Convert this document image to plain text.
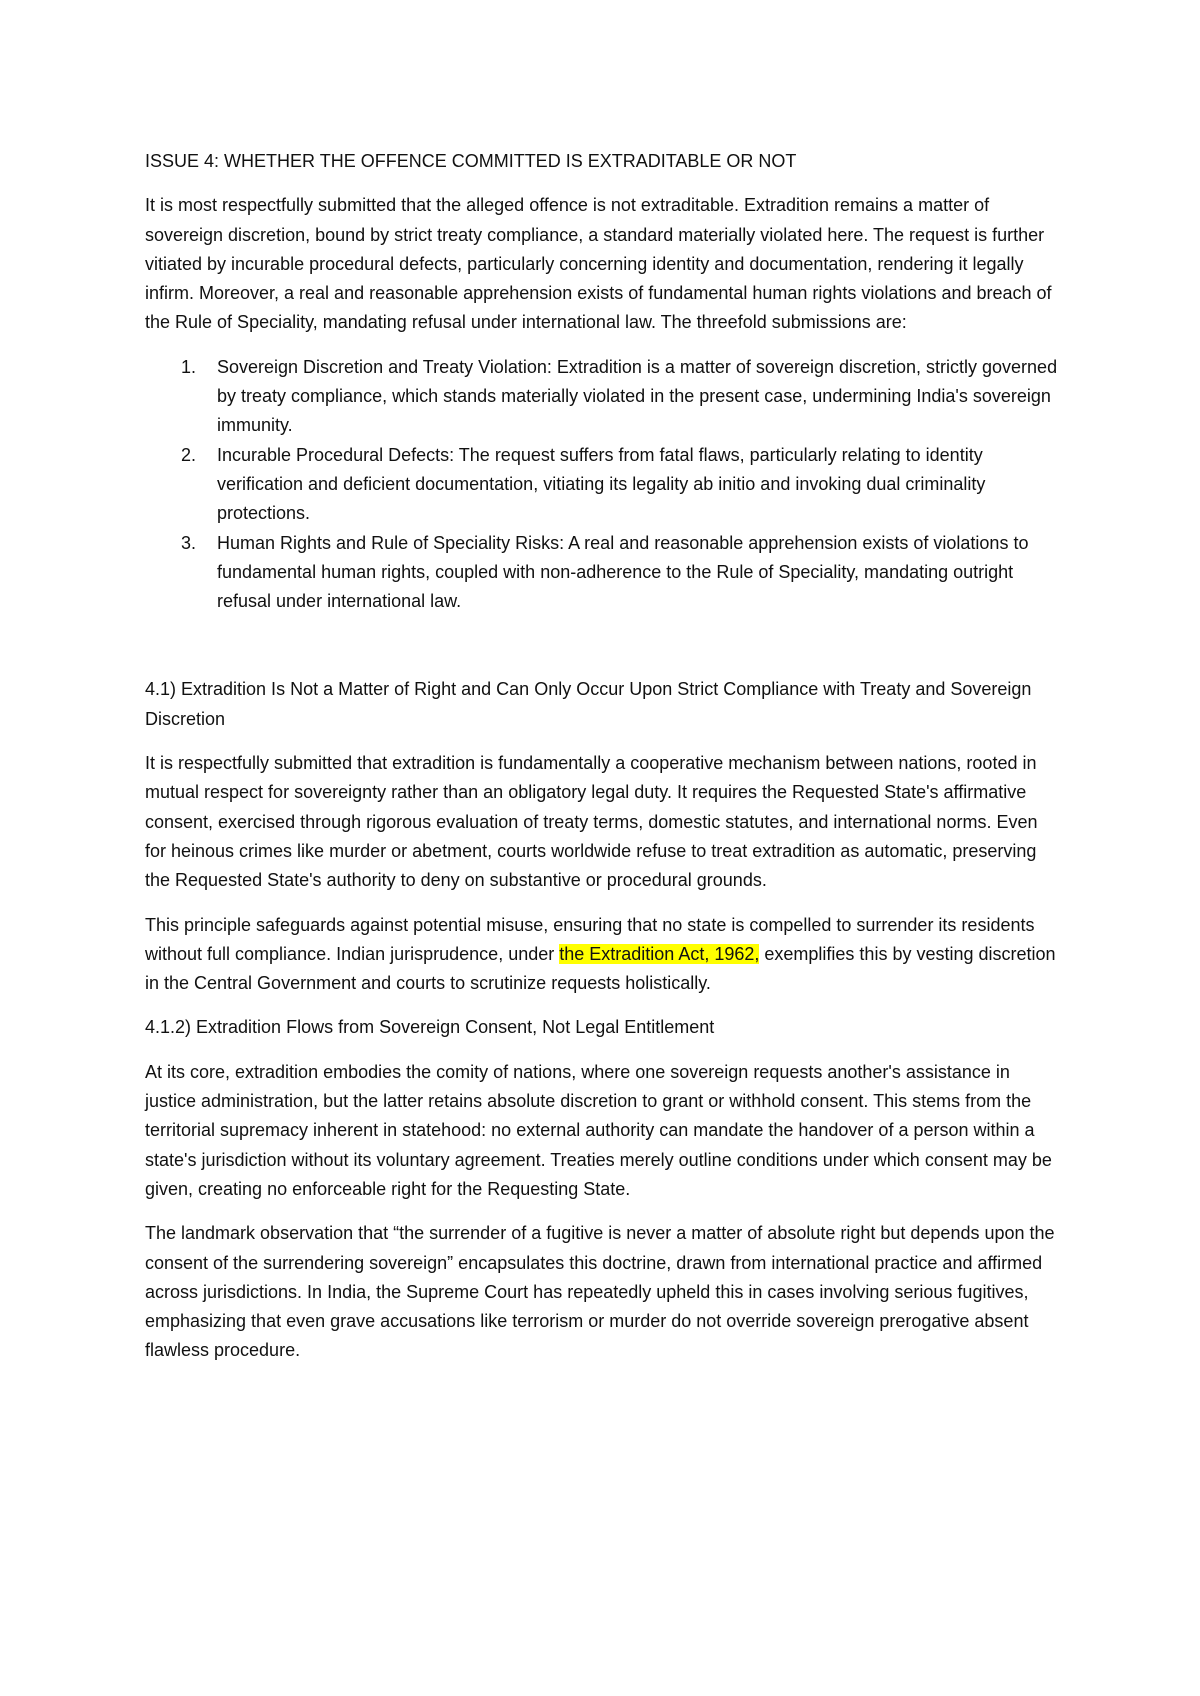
ISSUE 4: WHETHER THE OFFENCE COMMITTED IS EXTRADITABLE OR NOT

It is most respectfully submitted that the alleged offence is not extraditable. Extradition remains a matter of sovereign discretion, bound by strict treaty compliance, a standard materially violated here. The request is further vitiated by incurable procedural defects, particularly concerning identity and documentation, rendering it legally infirm. Moreover, a real and reasonable apprehension exists of fundamental human rights violations and breach of the Rule of Speciality, mandating refusal under international law. The threefold submissions are:

1. Sovereign Discretion and Treaty Violation: Extradition is a matter of sovereign discretion, strictly governed by treaty compliance, which stands materially violated in the present case, undermining India's sovereign immunity.
2. Incurable Procedural Defects: The request suffers from fatal flaws, particularly relating to identity verification and deficient documentation, vitiating its legality ab initio and invoking dual criminality protections.
3. Human Rights and Rule of Speciality Risks: A real and reasonable apprehension exists of violations to fundamental human rights, coupled with non-adherence to the Rule of Speciality, mandating outright refusal under international law.

4.1) Extradition Is Not a Matter of Right and Can Only Occur Upon Strict Compliance with Treaty and Sovereign Discretion

It is respectfully submitted that extradition is fundamentally a cooperative mechanism between nations, rooted in mutual respect for sovereignty rather than an obligatory legal duty. It requires the Requested State's affirmative consent, exercised through rigorous evaluation of treaty terms, domestic statutes, and international norms. Even for heinous crimes like murder or abetment, courts worldwide refuse to treat extradition as automatic, preserving the Requested State's authority to deny on substantive or procedural grounds.

This principle safeguards against potential misuse, ensuring that no state is compelled to surrender its residents without full compliance. Indian jurisprudence, under the Extradition Act, 1962, exemplifies this by vesting discretion in the Central Government and courts to scrutinize requests holistically.

4.1.2) Extradition Flows from Sovereign Consent, Not Legal Entitlement

At its core, extradition embodies the comity of nations, where one sovereign requests another's assistance in justice administration, but the latter retains absolute discretion to grant or withhold consent. This stems from the territorial supremacy inherent in statehood: no external authority can mandate the handover of a person within a state's jurisdiction without its voluntary agreement. Treaties merely outline conditions under which consent may be given, creating no enforceable right for the Requesting State.

The landmark observation that “the surrender of a fugitive is never a matter of absolute right but depends upon the consent of the surrendering sovereign” encapsulates this doctrine, drawn from international practice and affirmed across jurisdictions. In India, the Supreme Court has repeatedly upheld this in cases involving serious fugitives, emphasizing that even grave accusations like terrorism or murder do not override sovereign prerogative absent flawless procedure.
